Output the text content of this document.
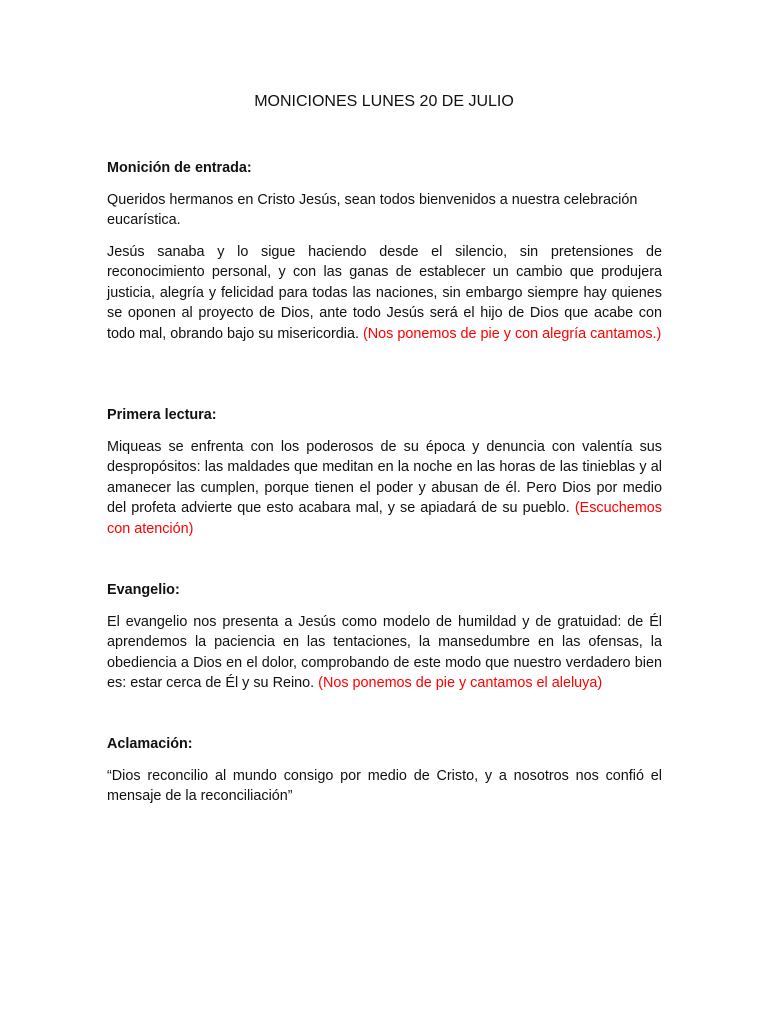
MONICIONES LUNES 20 DE JULIO

Monición de entrada:

Queridos hermanos en Cristo Jesús, sean todos bienvenidos a nuestra celebración eucarística.

Jesús sanaba y lo sigue haciendo desde el silencio, sin pretensiones de reconocimiento personal, y con las ganas de establecer un cambio que produjera justicia, alegría y felicidad para todas las naciones, sin embargo siempre hay quienes se oponen al proyecto de Dios, ante todo Jesús será el hijo de Dios que acabe con todo mal, obrando bajo su misericordia. (Nos ponemos de pie y con alegría cantamos.)

Primera lectura:

Miqueas se enfrenta con los poderosos de su época y denuncia con valentía sus despropósitos: las maldades que meditan en la noche en las horas de las tinieblas y al amanecer las cumplen, porque tienen el poder y abusan de él. Pero Dios por medio del profeta advierte que esto acabara mal, y se apiadará de su pueblo. (Escuchemos con atención)

Evangelio:

El evangelio nos presenta a Jesús como modelo de humildad y de gratuidad: de Él aprendemos la paciencia en las tentaciones, la mansedumbre en las ofensas, la obediencia a Dios en el dolor, comprobando de este modo que nuestro verdadero bien es: estar cerca de Él y su Reino. (Nos ponemos de pie y cantamos el aleluya)

Aclamación:

“Dios reconcilio al mundo consigo por medio de Cristo, y a nosotros nos confió el mensaje de la reconciliación”
